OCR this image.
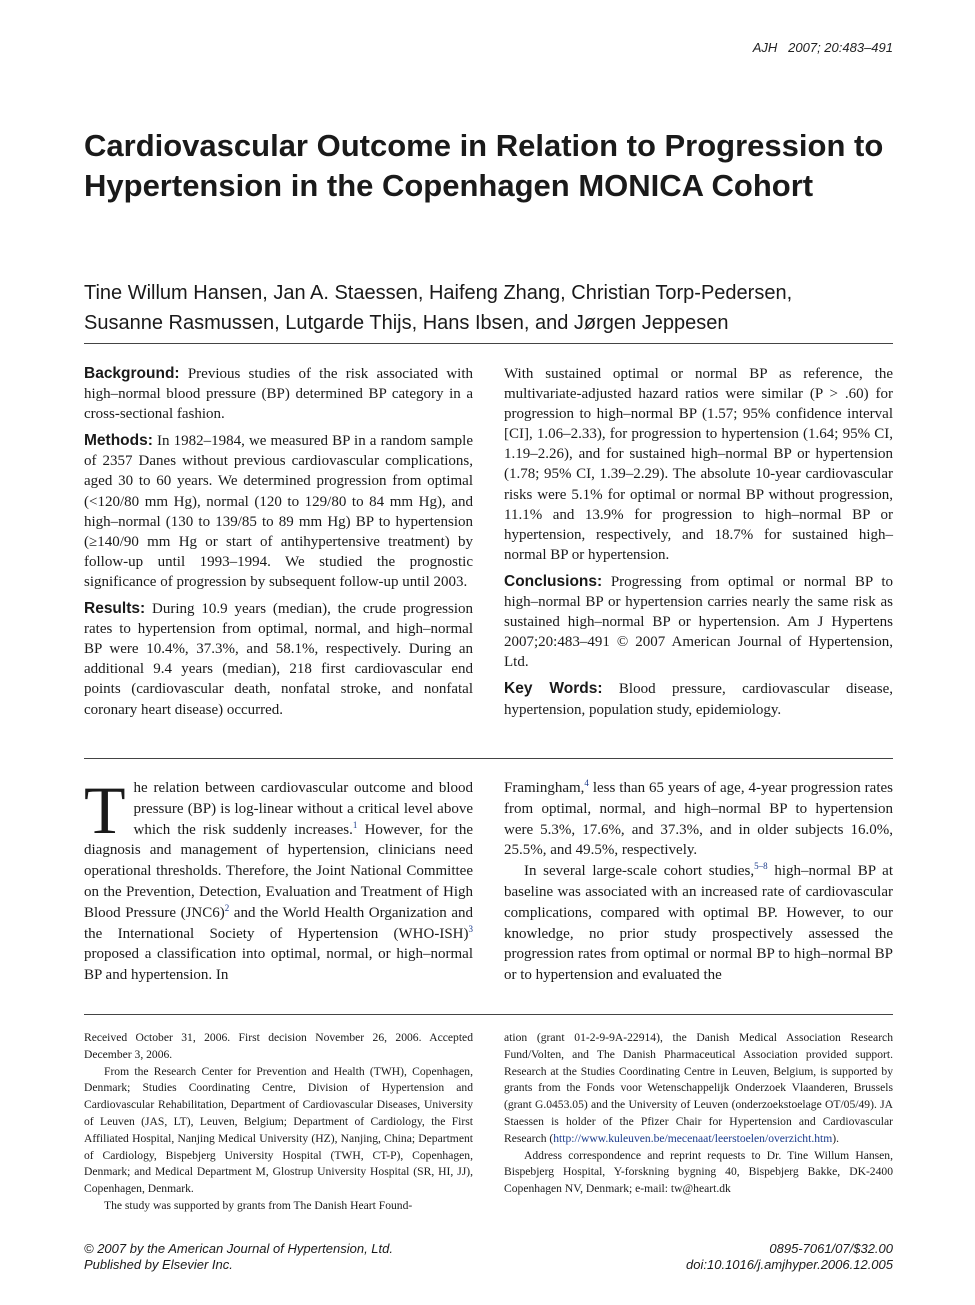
AJH   2007; 20:483–491
Cardiovascular Outcome in Relation to Progression to Hypertension in the Copenhagen MONICA Cohort
Tine Willum Hansen, Jan A. Staessen, Haifeng Zhang, Christian Torp-Pedersen,
Susanne Rasmussen, Lutgarde Thijs, Hans Ibsen, and Jørgen Jeppesen

Background: Previous studies of the risk associated with high–normal blood pressure (BP) determined BP category in a cross-sectional fashion.

Methods: In 1982–1984, we measured BP in a random sample of 2357 Danes without previous cardiovascular complications, aged 30 to 60 years. We determined progression from optimal (<120/80 mm Hg), normal (120 to 129/80 to 84 mm Hg), and high–normal (130 to 139/85 to 89 mm Hg) BP to hypertension (≥140/90 mm Hg or start of antihypertensive treatment) by follow-up until 1993–1994. We studied the prognostic significance of progression by subsequent follow-up until 2003.

Results: During 10.9 years (median), the crude progression rates to hypertension from optimal, normal, and high–normal BP were 10.4%, 37.3%, and 58.1%, respectively. During an additional 9.4 years (median), 218 first cardiovascular end points (cardiovascular death, nonfatal stroke, and nonfatal coronary heart disease) occurred.

With sustained optimal or normal BP as reference, the multivariate-adjusted hazard ratios were similar (P > .60) for progression to high–normal BP (1.57; 95% confidence interval [CI], 1.06–2.33), for progression to hypertension (1.64; 95% CI, 1.19–2.26), and for sustained high–normal BP or hypertension (1.78; 95% CI, 1.39–2.29). The absolute 10-year cardiovascular risks were 5.1% for optimal or normal BP without progression, 11.1% and 13.9% for progression to high–normal BP or hypertension, respectively, and 18.7% for sustained high–normal BP or hypertension.

Conclusions: Progressing from optimal or normal BP to high–normal BP or hypertension carries nearly the same risk as sustained high–normal BP or hypertension. Am J Hypertens 2007;20:483–491 © 2007 American Journal of Hypertension, Ltd.

Key Words: Blood pressure, cardiovascular disease, hypertension, population study, epidemiology.

The relation between cardiovascular outcome and blood pressure (BP) is log-linear without a critical level above which the risk suddenly increases.$^1$ However, for the diagnosis and management of hypertension, clinicians need operational thresholds. Therefore, the Joint National Committee on the Prevention, Detection, Evaluation and Treatment of High Blood Pressure $(JNC6)^2$ and the World Health Organization and the International Society of Hypertension $(WHO-ISH)^3$ proposed a classification into optimal, normal, or high–normal BP and hypertension. In

Framingham,$^4$ less than 65 years of age, 4-year progression rates from optimal, normal, and high–normal BP to hypertension were 5.3%, 17.6%, and 37.3%, and in older subjects 16.0%, 25.5%, and 49.5%, respectively.

In several large-scale cohort studies,$^{5-8}$ high–normal BP at baseline was associated with an increased rate of cardiovascular complications, compared with optimal BP. However, to our knowledge, no prior study prospectively assessed the progression rates from optimal or normal BP to high–normal BP or to hypertension and evaluated the

Received October 31, 2006. First decision November 26, 2006. Accepted December 3, 2006.

From the Research Center for Prevention and Health (TWH), Copenhagen, Denmark; Studies Coordinating Centre, Division of Hypertension and Cardiovascular Rehabilitation, Department of Cardiovascular Diseases, University of Leuven (JAS, LT), Leuven, Belgium; Department of Cardiology, the First Affiliated Hospital, Nanjing Medical University (HZ), Nanjing, China; Department of Cardiology, Bispebjerg University Hospital (TWH, CT-P), Copenhagen, Denmark; and Medical Department M, Glostrup University Hospital (SR, HI, JJ), Copenhagen, Denmark.

The study was supported by grants from The Danish Heart Found-

ation (grant 01-2-9-9A-22914), the Danish Medical Association Research Fund/Volten, and The Danish Pharmaceutical Association provided support. Research at the Studies Coordinating Centre in Leuven, Belgium, is supported by grants from the Fonds voor Wetenschappelijk Onderzoek Vlaanderen, Brussels (grant G.0453.05) and the University of Leuven (onderzoekstoelage OT/05/49). JA Staessen is holder of the Pfizer Chair for Hypertension and Cardiovascular Research (http://www.kuleuven.be/mecenaat/leerstoelen/overzicht.htm).

Address correspondence and reprint requests to Dr. Tine Willum Hansen, Bispebjerg Hospital, Y-forskning bygning 40, Bispebjerg Bakke, DK-2400 Copenhagen NV, Denmark; e-mail: tw@heart.dk

© 2007 by the American Journal of Hypertension, Ltd.
Published by Elsevier Inc.
0895-7061/07/$32.00
doi:10.1016/j.amjhyper.2006.12.005
